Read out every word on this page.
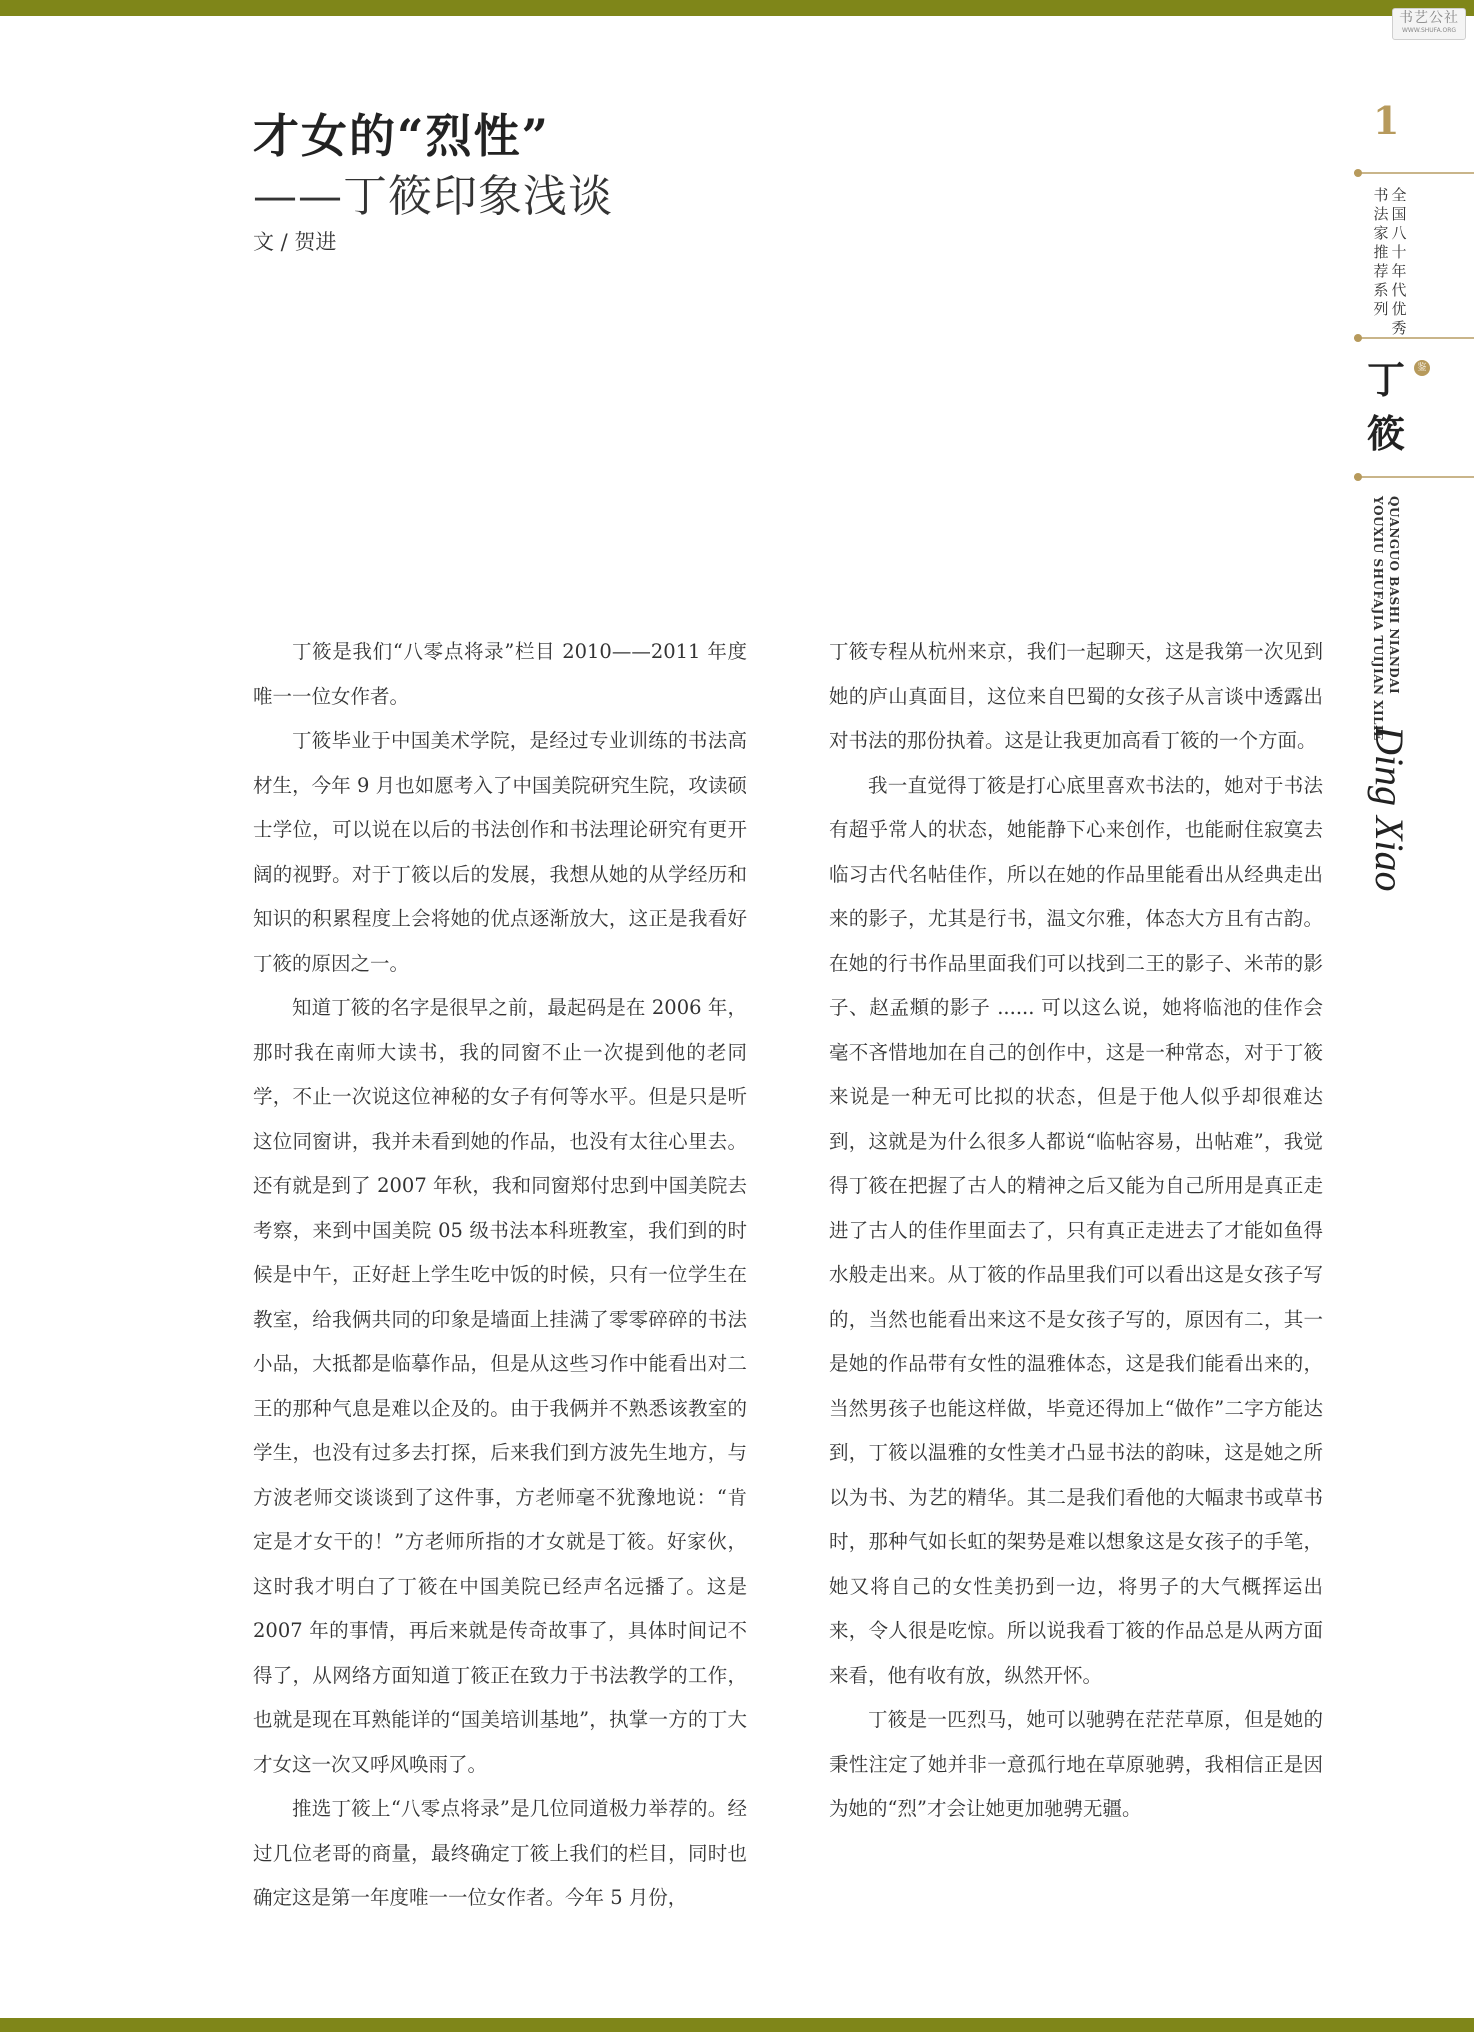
书艺公社
WWW.SHUFA.ORG
才女的“烈性”
——丁筱印象浅谈
文 / 贺进

丁筱是我们“八零点将录”栏目 2010——2011 年度唯一一位女作者。

丁筱毕业于中国美术学院，是经过专业训练的书法高材生，今年 9 月也如愿考入了中国美院研究生院，攻读硕士学位，可以说在以后的书法创作和书法理论研究有更开阔的视野。对于丁筱以后的发展，我想从她的从学经历和知识的积累程度上会将她的优点逐渐放大，这正是我看好丁筱的原因之一。

知道丁筱的名字是很早之前，最起码是在 2006 年，那时我在南师大读书，我的同窗不止一次提到他的老同学，不止一次说这位神秘的女子有何等水平。但是只是听这位同窗讲，我并未看到她的作品，也没有太往心里去。还有就是到了 2007 年秋，我和同窗郑付忠到中国美院去考察，来到中国美院 05 级书法本科班教室，我们到的时候是中午，正好赶上学生吃中饭的时候，只有一位学生在教室，给我俩共同的印象是墙面上挂满了零零碎碎的书法小品，大抵都是临摹作品，但是从这些习作中能看出对二王的那种气息是难以企及的。由于我俩并不熟悉该教室的学生，也没有过多去打探，后来我们到方波先生地方，与方波老师交谈谈到了这件事，方老师毫不犹豫地说：“肯定是才女干的！”方老师所指的才女就是丁筱。好家伙，这时我才明白了丁筱在中国美院已经声名远播了。这是 2007 年的事情，再后来就是传奇故事了，具体时间记不得了，从网络方面知道丁筱正在致力于书法教学的工作，也就是现在耳熟能详的“国美培训基地”，执掌一方的丁大才女这一次又呼风唤雨了。

推选丁筱上“八零点将录”是几位同道极力举荐的。经过几位老哥的商量，最终确定丁筱上我们的栏目，同时也确定这是第一年度唯一一位女作者。今年 5 月份，

丁筱专程从杭州来京，我们一起聊天，这是我第一次见到她的庐山真面目，这位来自巴蜀的女孩子从言谈中透露出对书法的那份执着。这是让我更加高看丁筱的一个方面。

我一直觉得丁筱是打心底里喜欢书法的，她对于书法有超乎常人的状态，她能静下心来创作，也能耐住寂寞去临习古代名帖佳作，所以在她的作品里能看出从经典走出来的影子，尤其是行书，温文尔雅，体态大方且有古韵。在她的行书作品里面我们可以找到二王的影子、米芾的影子、赵孟頫的影子 ...... 可以这么说，她将临池的佳作会毫不吝惜地加在自己的创作中，这是一种常态，对于丁筱来说是一种无可比拟的状态，但是于他人似乎却很难达到，这就是为什么很多人都说“临帖容易，出帖难”，我觉得丁筱在把握了古人的精神之后又能为自己所用是真正走进了古人的佳作里面去了，只有真正走进去了才能如鱼得水般走出来。从丁筱的作品里我们可以看出这是女孩子写的，当然也能看出来这不是女孩子写的，原因有二，其一是她的作品带有女性的温雅体态，这是我们能看出来的，当然男孩子也能这样做，毕竟还得加上“做作”二字方能达到，丁筱以温雅的女性美才凸显书法的韵味，这是她之所以为书、为艺的精华。其二是我们看他的大幅隶书或草书时，那种气如长虹的架势是难以想象这是女孩子的手笔，她又将自己的女性美扔到一边，将男子的大气概挥运出来，令人很是吃惊。所以说我看丁筱的作品总是从两方面来看，他有收有放，纵然开怀。

丁筱是一匹烈马，她可以驰骋在茫茫草原，但是她的秉性注定了她并非一意孤行地在草原驰骋，我相信正是因为她的“烈”才会让她更加驰骋无疆。

1
书法家推荐系列
全国八十年代优秀
丁筱
鉴
QUANGUO BASHI NIANDAI
YOUXIU SHUFAJIA TUIJIAN XILIE
Ding Xiao
